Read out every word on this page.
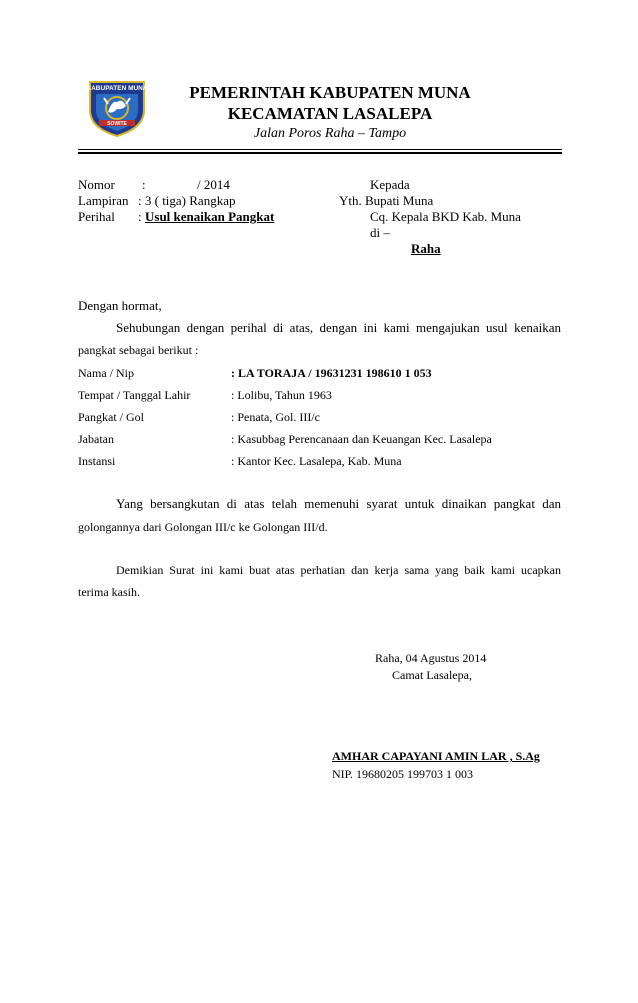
KABUPATEN MUNA
SOWITE
PEMERINTAH KABUPATEN MUNA
KECAMATAN LASALEPA
Jalan Poros Raha – Tampo
Nomor :	/ 2014
Lampiran : 3 ( tiga) Rangkap
Perihal : Usul kenaikan Pangkat
Kepada
Yth. Bupati Muna
Cq. Kepala BKD Kab. Muna
di –
Raha
Dengan hormat,
Sehubungan dengan perihal di atas, dengan ini kami mengajukan usul kenaikan
pangkat sebagai berikut :
Nama / Nip	: LA TORAJA / 19631231 198610 1 053
Tempat / Tanggal Lahir	: Lolibu, Tahun 1963
Pangkat / Gol	: Penata, Gol. III/c
Jabatan	: Kasubbag Perencanaan dan Keuangan Kec. Lasalepa
Instansi	: Kantor Kec. Lasalepa, Kab. Muna
Yang bersangkutan di atas telah memenuhi syarat untuk dinaikan pangkat dan
golongannya dari Golongan III/c ke Golongan III/d.
Demikian Surat ini kami buat atas perhatian dan kerja sama yang baik kami ucapkan
terima kasih.
Raha, 04 Agustus 2014
Camat Lasalepa,
AMHAR CAPAYANI AMIN LAR , S.Ag
NIP. 19680205 199703 1 003
